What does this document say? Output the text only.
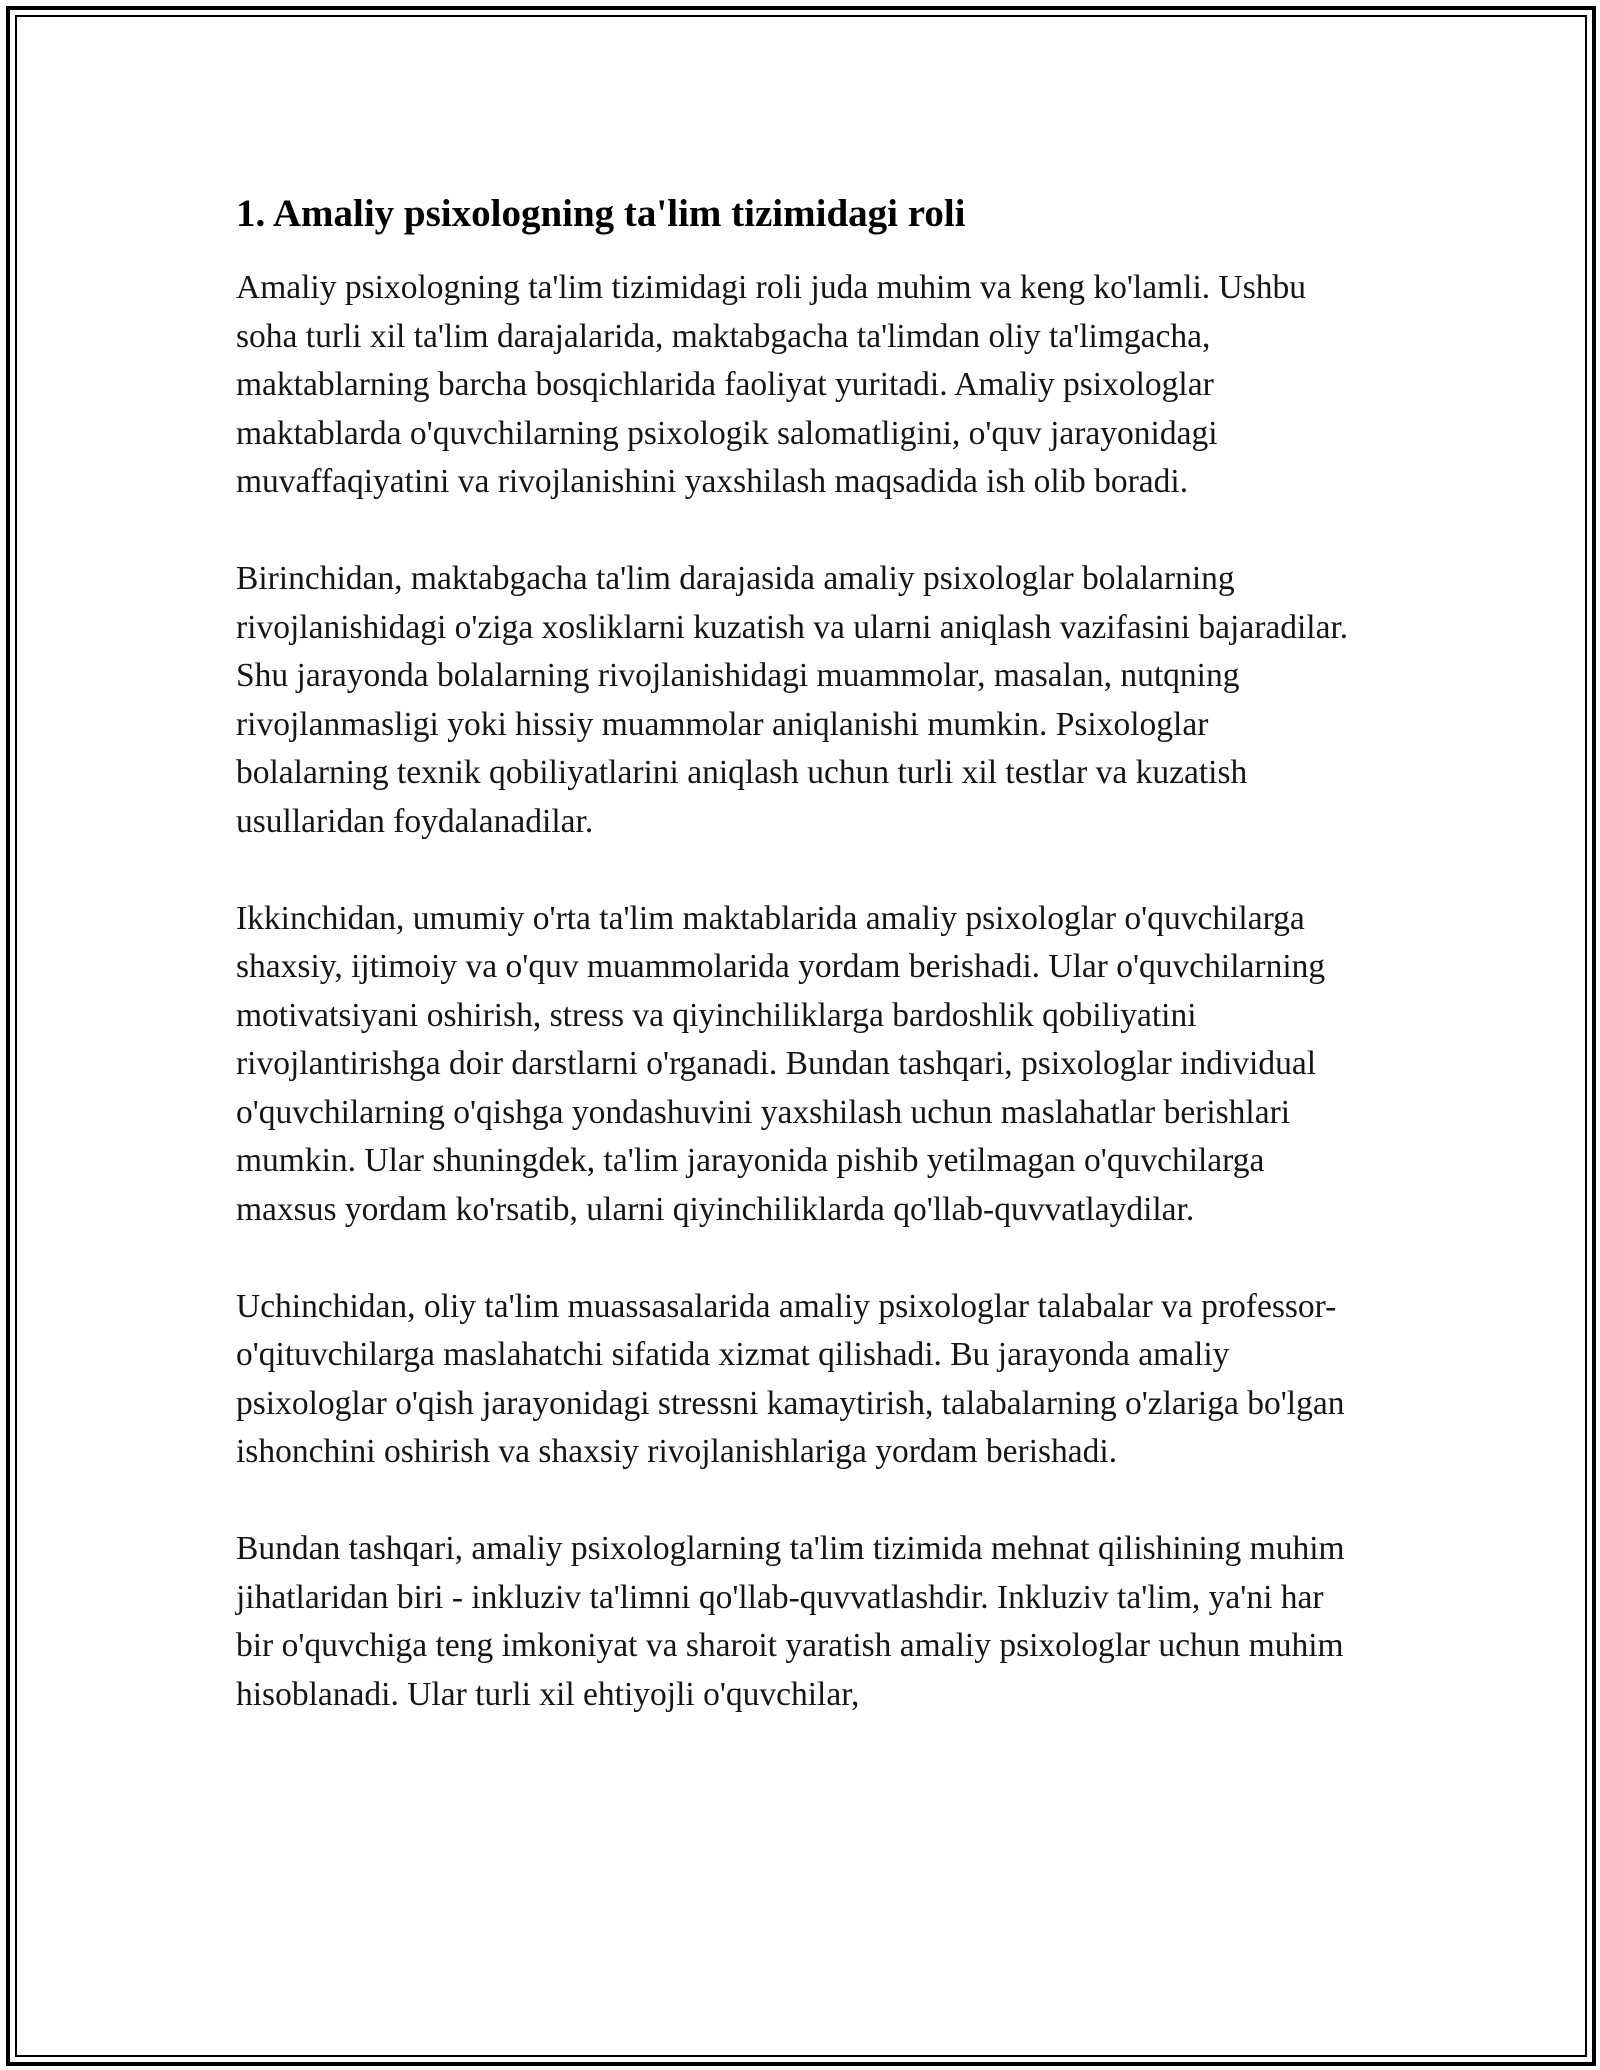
1. Amaliy psixologning ta'lim tizimidagi roli

Amaliy psixologning ta'lim tizimidagi roli juda muhim va keng ko'lamli. Ushbu soha turli xil ta'lim darajalarida, maktabgacha ta'limdan oliy ta'limgacha, maktablarning barcha bosqichlarida faoliyat yuritadi. Amaliy psixologlar maktablarda o'quvchilarning psixologik salomatligini, o'quv jarayonidagi muvaffaqiyatini va rivojlanishini yaxshilash maqsadida ish olib boradi.

Birinchidan, maktabgacha ta'lim darajasida amaliy psixologlar bolalarning rivojlanishidagi o'ziga xosliklarni kuzatish va ularni aniqlash vazifasini bajaradilar. Shu jarayonda bolalarning rivojlanishidagi muammolar, masalan, nutqning rivojlanmasligi yoki hissiy muammolar aniqlanishi mumkin. Psixologlar bolalarning texnik qobiliyatlarini aniqlash uchun turli xil testlar va kuzatish usullaridan foydalanadilar.

Ikkinchidan, umumiy o'rta ta'lim maktablarida amaliy psixologlar o'quvchilarga shaxsiy, ijtimoiy va o'quv muammolarida yordam berishadi. Ular o'quvchilarning motivatsiyani oshirish, stress va qiyinchiliklarga bardoshlik qobiliyatini rivojlantirishga doir darstlarni o'rganadi. Bundan tashqari, psixologlar individual o'quvchilarning o'qishga yondashuvini yaxshilash uchun maslahatlar berishlari mumkin. Ular shuningdek, ta'lim jarayonida pishib yetilmagan o'quvchilarga maxsus yordam ko'rsatib, ularni qiyinchiliklarda qo'llab-quvvatlaydilar.

Uchinchidan, oliy ta'lim muassasalarida amaliy psixologlar talabalar va professor-o'qituvchilarga maslahatchi sifatida xizmat qilishadi. Bu jarayonda amaliy psixologlar o'qish jarayonidagi stressni kamaytirish, talabalarning o'zlariga bo'lgan ishonchini oshirish va shaxsiy rivojlanishlariga yordam berishadi.

Bundan tashqari, amaliy psixologlarning ta'lim tizimida mehnat qilishining muhim jihatlaridan biri - inkluziv ta'limni qo'llab-quvvatlashdir. Inkluziv ta'lim, ya'ni har bir o'quvchiga teng imkoniyat va sharoit yaratish amaliy psixologlar uchun muhim hisoblanadi. Ular turli xil ehtiyojli o'quvchilar,
